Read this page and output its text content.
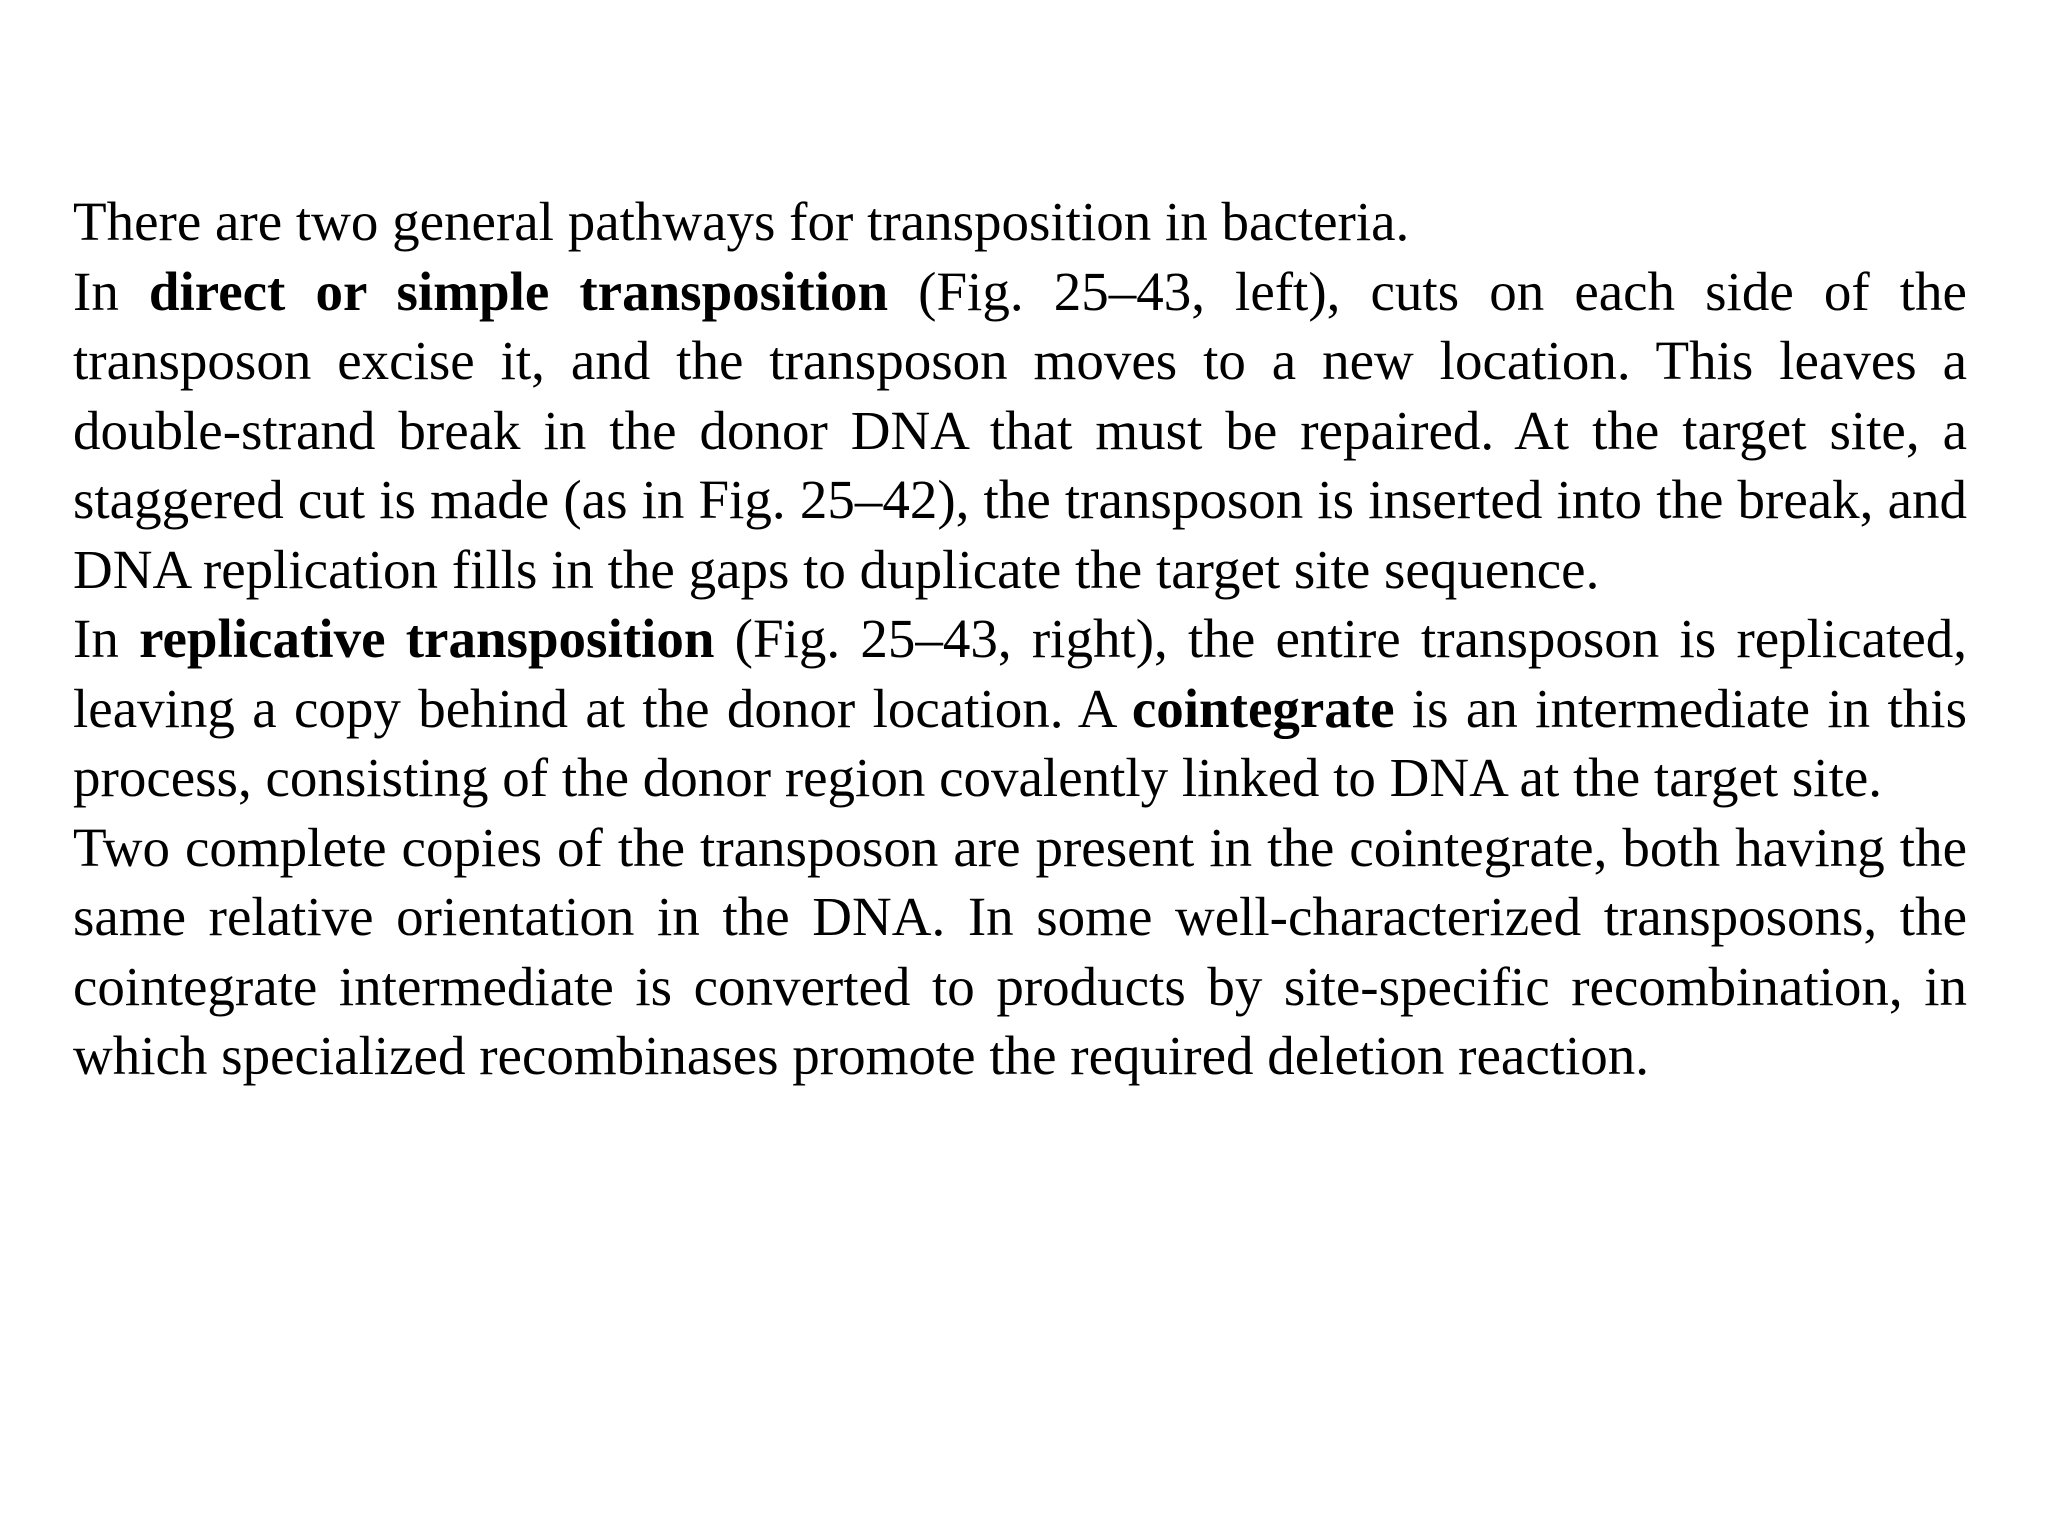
There are two general pathways for transposition in bacteria.

In direct or simple transposition (Fig. 25–43, left), cuts on each side of the transposon excise it, and the transposon moves to a new location. This leaves a double-strand break in the donor DNA that must be repaired. At the target site, a staggered cut is made (as in Fig. 25–42), the transposon is inserted into the break, and DNA replication fills in the gaps to duplicate the target site sequence.

In replicative transposition (Fig. 25–43, right), the entire transposon is replicated, leaving a copy behind at the donor location. A cointegrate is an intermediate in this process, consisting of the donor region covalently linked to DNA at the target site.

Two complete copies of the transposon are present in the cointegrate, both having the same relative orientation in the DNA. In some well-characterized transposons, the cointegrate intermediate is converted to products by site-specific recombination, in which specialized recombinases promote the required deletion reaction.
